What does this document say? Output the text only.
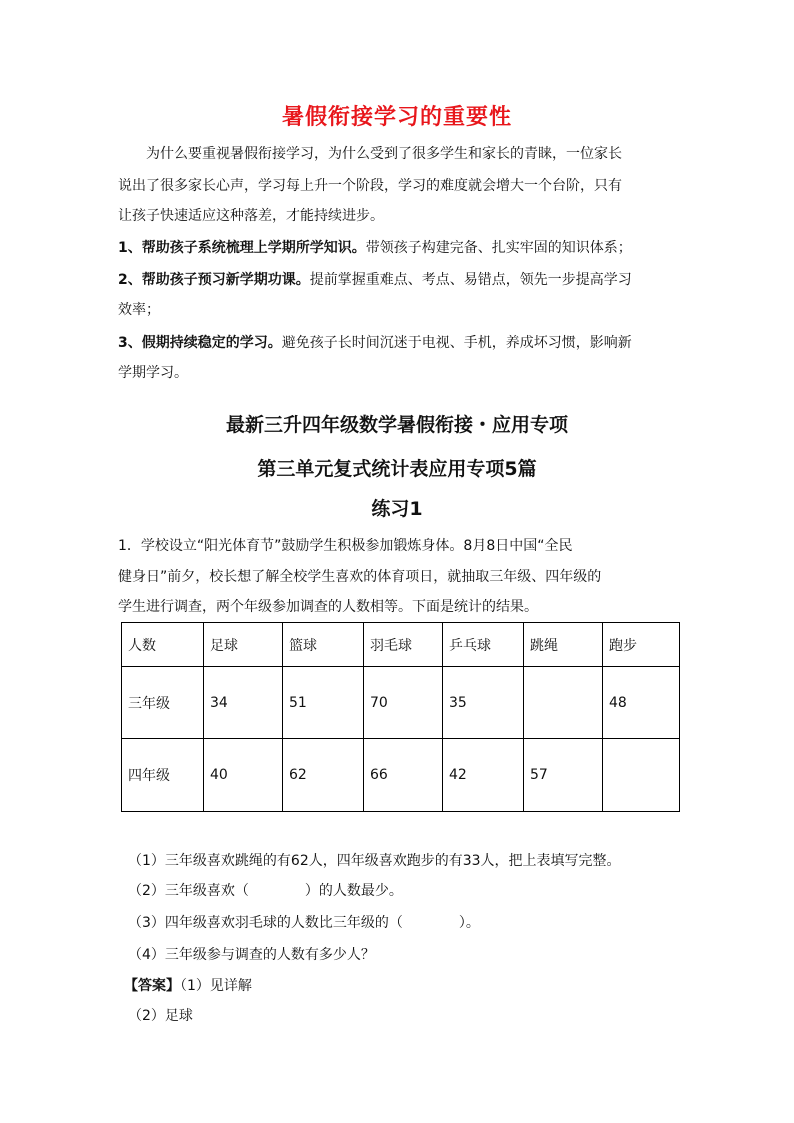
暑假衔接学习的重要性

为什么要重视暑假衔接学习，为什么受到了很多学生和家长的青睐，一位家长

说出了很多家长心声，学习每上升一个阶段，学习的难度就会增大一个台阶，只有

让孩子快速适应这种落差，才能持续进步。

1、帮助孩子系统梳理上学期所学知识。带领孩子构建完备、扎实牢固的知识体系；

2、帮助孩子预习新学期功课。提前掌握重难点、考点、易错点，领先一步提高学习

效率；

3、假期持续稳定的学习。避免孩子长时间沉迷于电视、手机，养成坏习惯，影响新

学期学习。

最新三升四年级数学暑假衔接・应用专项
第三单元复式统计表应用专项5篇
练习1

1．学校设立“阳光体育节”鼓励学生积极参加锻炼身体。8月8日中国“全民

健身日”前夕，校长想了解全校学生喜欢的体育项日，就抽取三年级、四年级的

学生进行调查，两个年级参加调查的人数相等。下面是统计的结果。

人数	足球	篮球	羽毛球	乒乓球	跳绳	跑步
三年级	34	51	70	35		48
四年级	40	62	66	42	57	
（1）三年级喜欢跳绳的有62人，四年级喜欢跑步的有33人，把上表填写完整。
（2）三年级喜欢（　　　　）的人数最少。
（3）四年级喜欢羽毛球的人数比三年级的（　　　　）。
（4）三年级参与调查的人数有多少人？
【答案】（1）见详解
（2）足球
